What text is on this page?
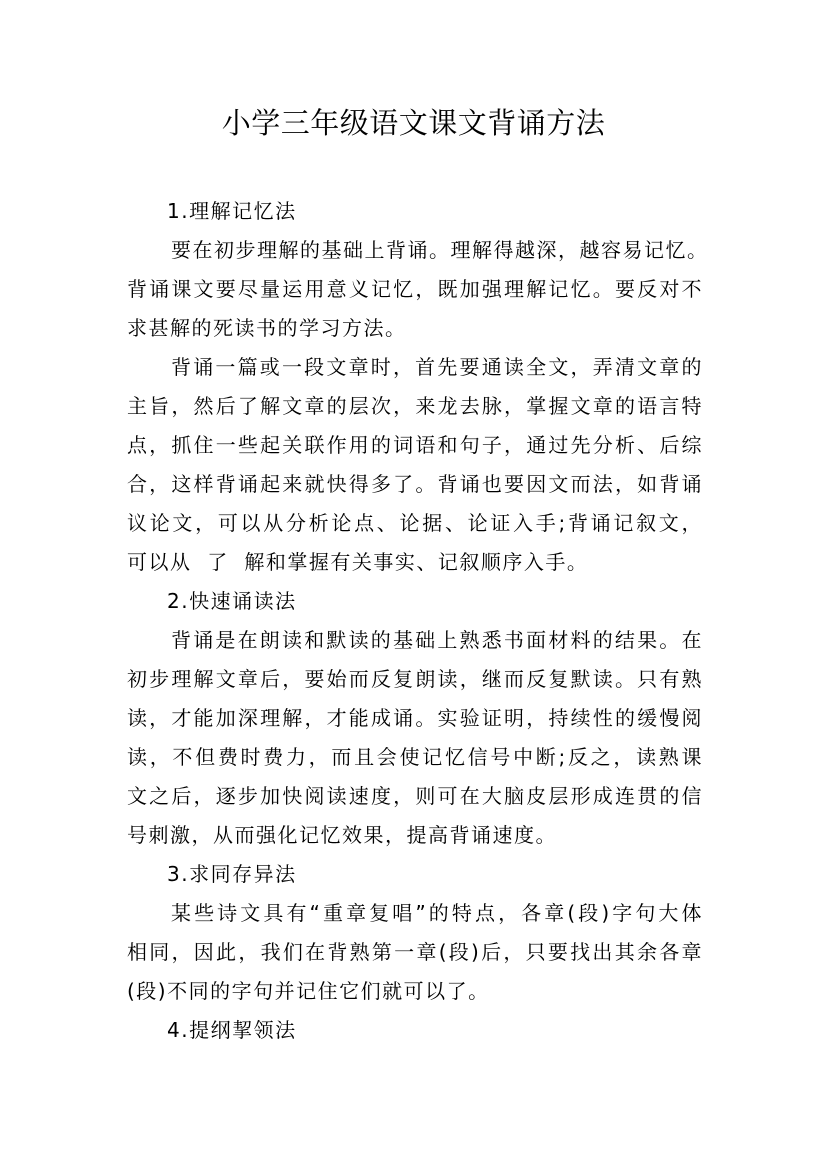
小学三年级语文课文背诵方法
1.理解记忆法
要在初步理解的基础上背诵。理解得越深，越容易记忆。
背诵课文要尽量运用意义记忆，既加强理解记忆。要反对不
求甚解的死读书的学习方法。
背诵一篇或一段文章时，首先要通读全文，弄清文章的
主旨，然后了解文章的层次，来龙去脉，掌握文章的语言特
点，抓住一些起关联作用的词语和句子，通过先分析、后综
合，这样背诵起来就快得多了。背诵也要因文而法，如背诵
议论文，可以从分析论点、论据、论证入手;背诵记叙文，
可以从  了  解和掌握有关事实、记叙顺序入手。
2.快速诵读法
背诵是在朗读和默读的基础上熟悉书面材料的结果。在
初步理解文章后，要始而反复朗读，继而反复默读。只有熟
读，才能加深理解，才能成诵。实验证明，持续性的缓慢阅
读，不但费时费力，而且会使记忆信号中断;反之，读熟课
文之后，逐步加快阅读速度，则可在大脑皮层形成连贯的信
号刺激，从而强化记忆效果，提高背诵速度。
3.求同存异法
某些诗文具有“重章复唱”的特点，各章(段)字句大体
相同，因此，我们在背熟第一章(段)后，只要找出其余各章
(段)不同的字句并记住它们就可以了。
4.提纲挈领法
